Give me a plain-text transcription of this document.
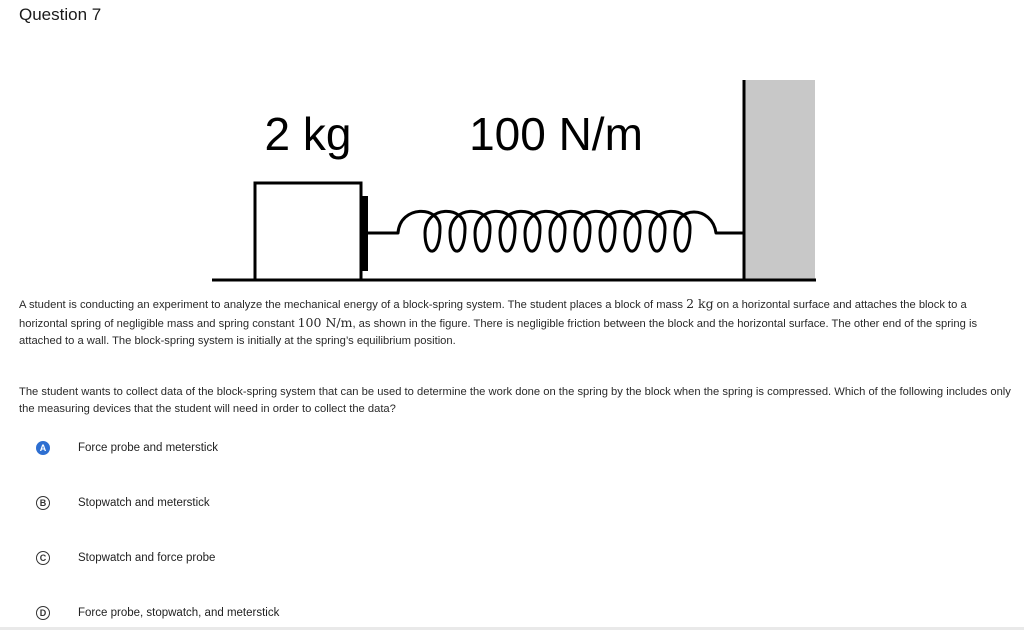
Question 7
2 kg	100 N/m

A student is conducting an experiment to analyze the mechanical energy of a block-spring system. The student places a block of mass 2 kg on a horizontal surface and attaches the block to a horizontal spring of negligible mass and spring constant 100 N/m, as shown in the figure. There is negligible friction between the block and the horizontal surface. The other end of the spring is attached to a wall. The block-spring system is initially at the spring’s equilibrium position.

The student wants to collect data of the block-spring system that can be used to determine the work done on the spring by the block when the spring is compressed. Which of the following includes only the measuring devices that the student will need in order to collect the data?

A	Force probe and meterstick
B	Stopwatch and meterstick
C	Stopwatch and force probe
D	Force probe, stopwatch, and meterstick
